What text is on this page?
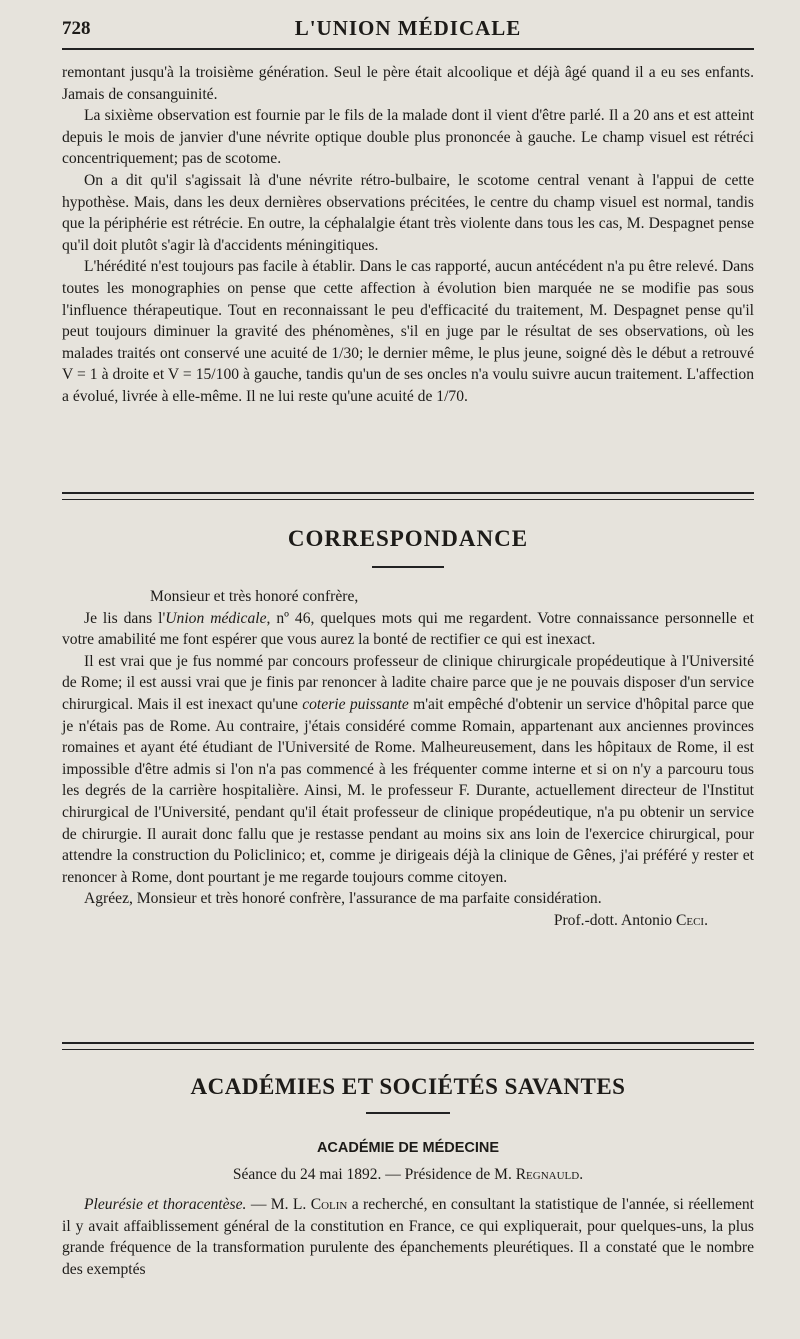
728	L'UNION MÉDICALE

remontant jusqu'à la troisième génération. Seul le père était alcoolique et déjà âgé quand il a eu ses enfants. Jamais de consanguinité.

La sixième observation est fournie par le fils de la malade dont il vient d'être parlé. Il a 20 ans et est atteint depuis le mois de janvier d'une névrite optique double plus prononcée à gauche. Le champ visuel est rétréci concentriquement; pas de scotome.

On a dit qu'il s'agissait là d'une névrite rétro-bulbaire, le scotome central venant à l'appui de cette hypothèse. Mais, dans les deux dernières observations précitées, le centre du champ visuel est normal, tandis que la périphérie est rétrécie. En outre, la céphalalgie étant très violente dans tous les cas, M. Despagnet pense qu'il doit plutôt s'agir là d'accidents méningitiques.

L'hérédité n'est toujours pas facile à établir. Dans le cas rapporté, aucun antécédent n'a pu être relevé. Dans toutes les monographies on pense que cette affection à évolution bien marquée ne se modifie pas sous l'influence thérapeutique. Tout en reconnaissant le peu d'efficacité du traitement, M. Despagnet pense qu'il peut toujours diminuer la gravité des phénomènes, s'il en juge par le résultat de ses observations, où les malades traités ont conservé une acuité de 1/30; le dernier même, le plus jeune, soigné dès le début a retrouvé V = 1 à droite et V = 15/100 à gauche, tandis qu'un de ses oncles n'a voulu suivre aucun traitement. L'affection a évolué, livrée à elle-même. Il ne lui reste qu'une acuité de 1/70.

CORRESPONDANCE

Monsieur et très honoré confrère,

Je lis dans l'Union médicale, nº 46, quelques mots qui me regardent. Votre connaissance personnelle et votre amabilité me font espérer que vous aurez la bonté de rectifier ce qui est inexact.

Il est vrai que je fus nommé par concours professeur de clinique chirurgicale propédeutique à l'Université de Rome; il est aussi vrai que je finis par renoncer à ladite chaire parce que je ne pouvais disposer d'un service chirurgical. Mais il est inexact qu'une coterie puissante m'ait empêché d'obtenir un service d'hôpital parce que je n'étais pas de Rome. Au contraire, j'étais considéré comme Romain, appartenant aux anciennes provinces romaines et ayant été étudiant de l'Université de Rome. Malheureusement, dans les hôpitaux de Rome, il est impossible d'être admis si l'on n'a pas commencé à les fréquenter comme interne et si on n'y a parcouru tous les degrés de la carrière hospitalière. Ainsi, M. le professeur F. Durante, actuellement directeur de l'Institut chirurgical de l'Université, pendant qu'il était professeur de clinique propédeutique, n'a pu obtenir un service de chirurgie. Il aurait donc fallu que je restasse pendant au moins six ans loin de l'exercice chirurgical, pour attendre la construction du Policlinico; et, comme je dirigeais déjà la clinique de Gênes, j'ai préféré y rester et renoncer à Rome, dont pourtant je me regarde toujours comme citoyen.

Agréez, Monsieur et très honoré confrère, l'assurance de ma parfaite considération.

Prof.-dott. Antonio Ceci.

ACADÉMIES ET SOCIÉTÉS SAVANTES
ACADÉMIE DE MÉDECINE
Séance du 24 mai 1892. — Présidence de M. Regnauld.

Pleurésie et thoracentèse. — M. L. Colin a recherché, en consultant la statistique de l'année, si réellement il y avait affaiblissement général de la constitution en France, ce qui expliquerait, pour quelques-uns, la plus grande fréquence de la transformation purulente des épanchements pleurétiques. Il a constaté que le nombre des exemptés
